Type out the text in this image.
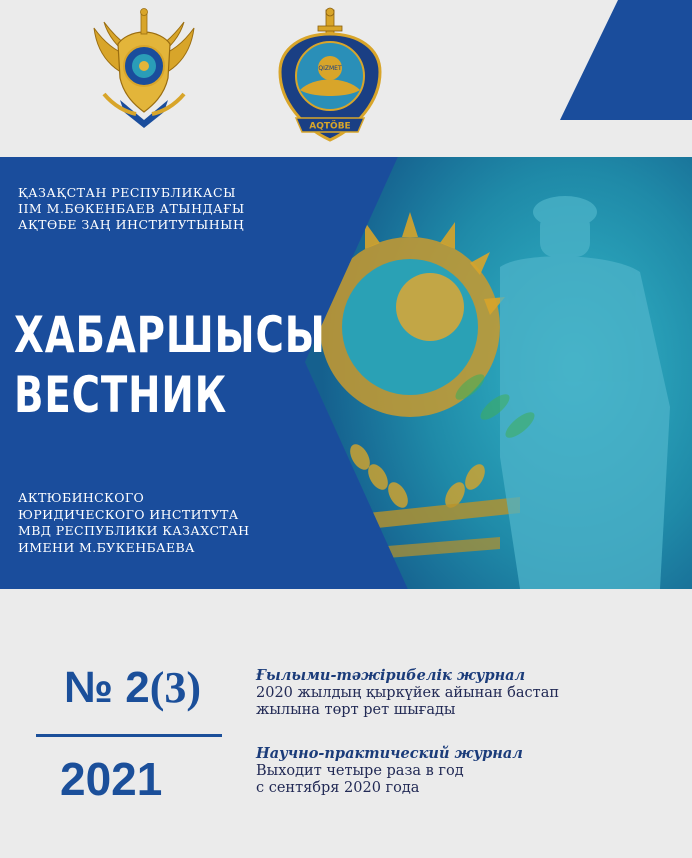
QIZMET
AQTÖBE
ҚАЗАҚСТАН РЕСПУБЛИКАСЫ
ІІМ М.БӨКЕНБАЕВ АТЫНДАҒЫ
АҚТӨБЕ ЗАҢ ИНСТИТУТЫНЫҢ
ХАБАРШЫСЫ
ВЕСТНИК
АКТЮБИНСКОГО
ЮРИДИЧЕСКОГО ИНСТИТУТА
МВД РЕСПУБЛИКИ КАЗАХСТАН
ИМЕНИ М.БУКЕНБАЕВА
№ 2(3)
2021
Ғылыми-тәжірибелік журнал
2020 жылдың қыркүйек айынан бастап
жылына төрт рет шығады
Научно-практический журнал
Выходит четыре раза в год
с сентября 2020 года
